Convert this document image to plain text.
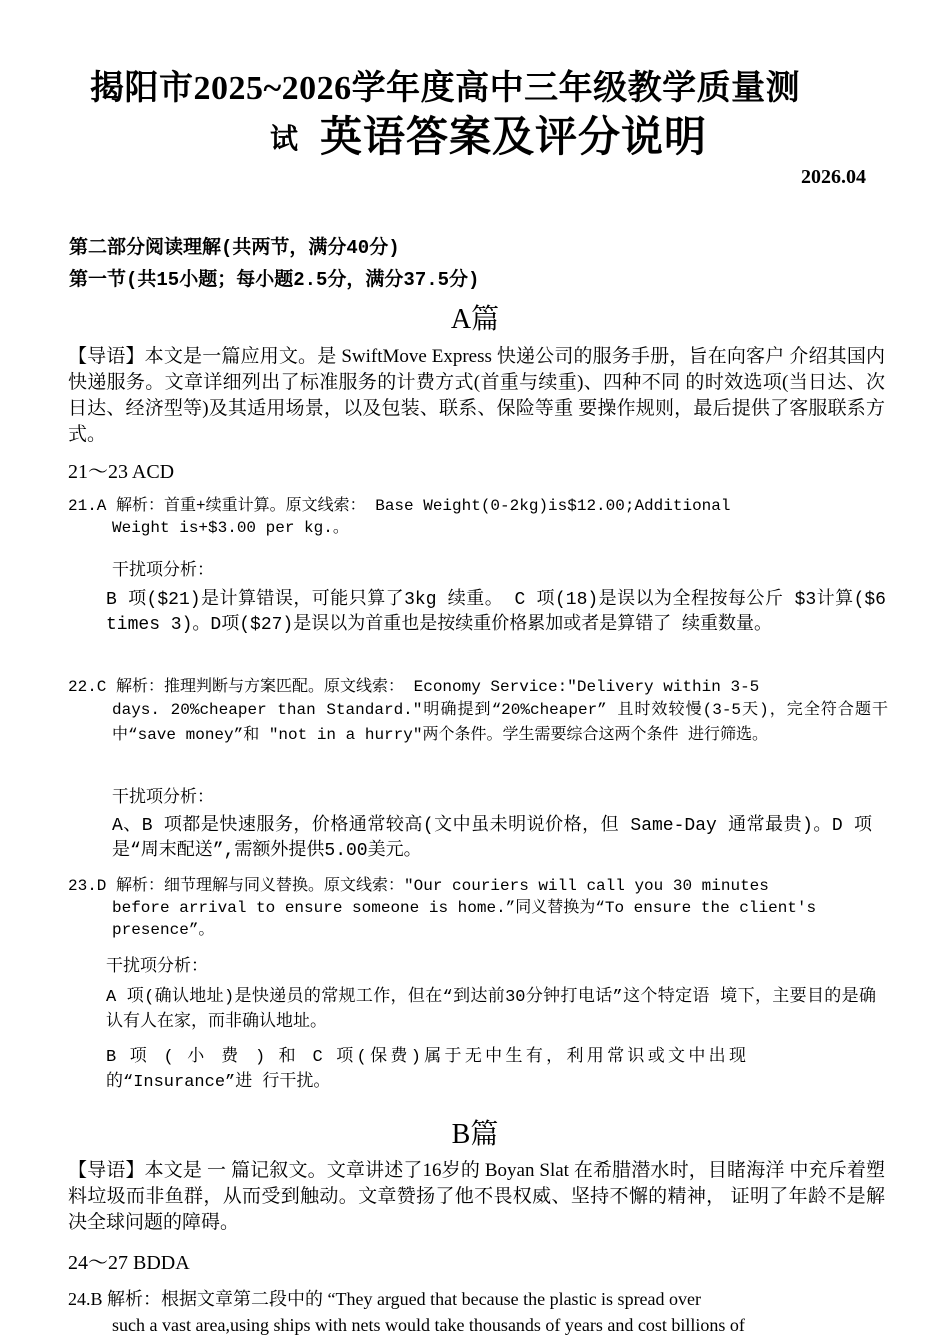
揭阳市2025~2026学年度高中三年级教学质量测
试 英语答案及评分说明
2026.04
第二部分阅读理解(共两节，满分40分)
第一节(共15小题；每小题2.5分，满分37.5分)
A篇
【导语】本文是一篇应用文。是 SwiftMove Express 快递公司的服务手册，旨在向客户 介绍其国内快递服务。文章详细列出了标准服务的计费方式(首重与续重)、四种不同 的时效选项(当日达、次日达、经济型等)及其适用场景，以及包装、联系、保险等重 要操作规则，最后提供了客服联系方式。
21～23 ACD
21.A 解析：首重+续重计算。原文线索： Base Weight(0-2kg)is$12.00;Additional
Weight is+$3.00 per kg.。
干扰项分析：
B 项($21)是计算错误，可能只算了3kg 续重。 C 项(18)是误以为全程按每公斤 $3计算($6 times 3)。D项($27)是误以为首重也是按续重价格累加或者是算错了 续重数量。
22.C 解析：推理判断与方案匹配。原文线索： Economy Service:"Delivery within 3-5
days. 20%cheaper than Standard."明确提到“20%cheaper” 且时效较慢(3-5天)，完全符合题干中“save money”和 "not in a hurry"两个条件。学生需要综合这两个条件 进行筛选。
干扰项分析：
A、B 项都是快速服务，价格通常较高(文中虽未明说价格，但 Same-Day 通常最贵)。D 项是“周末配送”,需额外提供5.00美元。
23.D 解析：细节理解与同义替换。原文线索："Our couriers will call you 30 minutes
before arrival to ensure someone is home.”同义替换为“To ensure the client's presence”。
干扰项分析：
A 项(确认地址)是快递员的常规工作，但在“到达前30分钟打电话”这个特定语 境下，主要目的是确认有人在家，而非确认地址。
B 项 ( 小 费 ) 和 C 项(保费)属于无中生有，利用常识或文中出现的“Insurance”进 行干扰。
B篇
【导语】本文是 一 篇记叙文。文章讲述了16岁的 Boyan Slat 在希腊潜水时，目睹海洋 中充斥着塑料垃圾而非鱼群，从而受到触动。文章赞扬了他不畏权威、坚持不懈的精神， 证明了年龄不是解决全球问题的障碍。
24～27 BDDA
24.B 解析：根据文章第二段中的 “They argued that because the plastic is spread over
such a vast area,using ships with nets would take thousands of years and cost billions of
